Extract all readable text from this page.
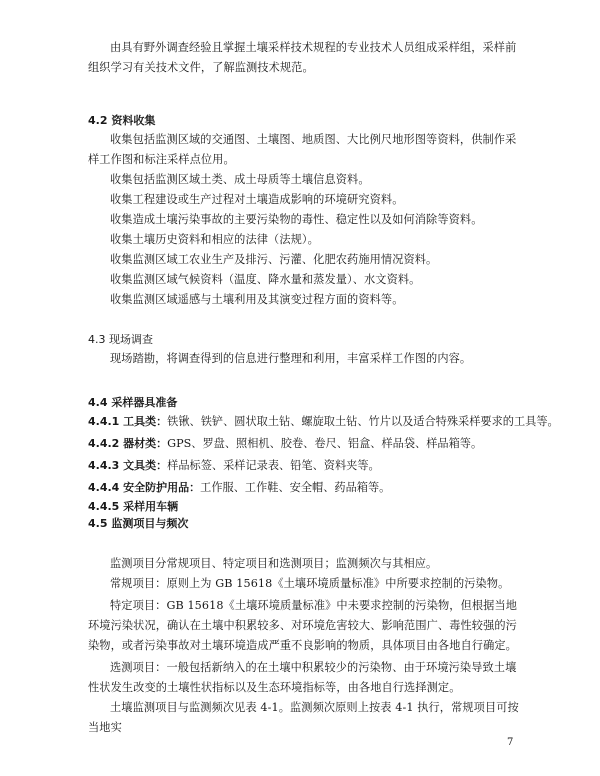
由具有野外调查经验且掌握土壤采样技术规程的专业技术人员组成采样组，采样前组织学习有关技术文件，了解监测技术规范。

4.2 资料收集

收集包括监测区域的交通图、土壤图、地质图、大比例尺地形图等资料，供制作采样工作图和标注采样点位用。

收集包括监测区域土类、成土母质等土壤信息资料。

收集工程建设或生产过程对土壤造成影响的环境研究资料。

收集造成土壤污染事故的主要污染物的毒性、稳定性以及如何消除等资料。

收集土壤历史资料和相应的法律（法规）。

收集监测区域工农业生产及排污、污灌、化肥农药施用情况资料。

收集监测区域气候资料（温度、降水量和蒸发量）、水文资料。

收集监测区域遥感与土壤利用及其演变过程方面的资料等。

4.3 现场调查

现场踏勘，将调查得到的信息进行整理和利用，丰富采样工作图的内容。

4.4 采样器具准备
4.4.1 工具类：铁锹、铁铲、圆状取土钻、螺旋取土钻、竹片以及适合特殊采样要求的工具等。
4.4.2 器材类：GPS、罗盘、照相机、胶卷、卷尺、铝盒、样品袋、样品箱等。
4.4.3 文具类：样品标签、采样记录表、铅笔、资料夹等。
4.4.4 安全防护用品：工作服、工作鞋、安全帽、药品箱等。
4.4.5 采样用车辆
4.5 监测项目与频次

监测项目分常规项目、特定项目和选测项目；监测频次与其相应。

常规项目：原则上为 GB 15618《土壤环境质量标准》中所要求控制的污染物。

特定项目：GB 15618《土壤环境质量标准》中未要求控制的污染物，但根据当地环境污染状况，确认在土壤中积累较多、对环境危害较大、影响范围广、毒性较强的污染物，或者污染事故对土壤环境造成严重不良影响的物质，具体项目由各地自行确定。

选测项目：一般包括新纳入的在土壤中积累较少的污染物、由于环境污染导致土壤性状发生改变的土壤性状指标以及生态环境指标等，由各地自行选择测定。

土壤监测项目与监测频次见表 4-1。监测频次原则上按表 4-1 执行，常规项目可按当地实

7
